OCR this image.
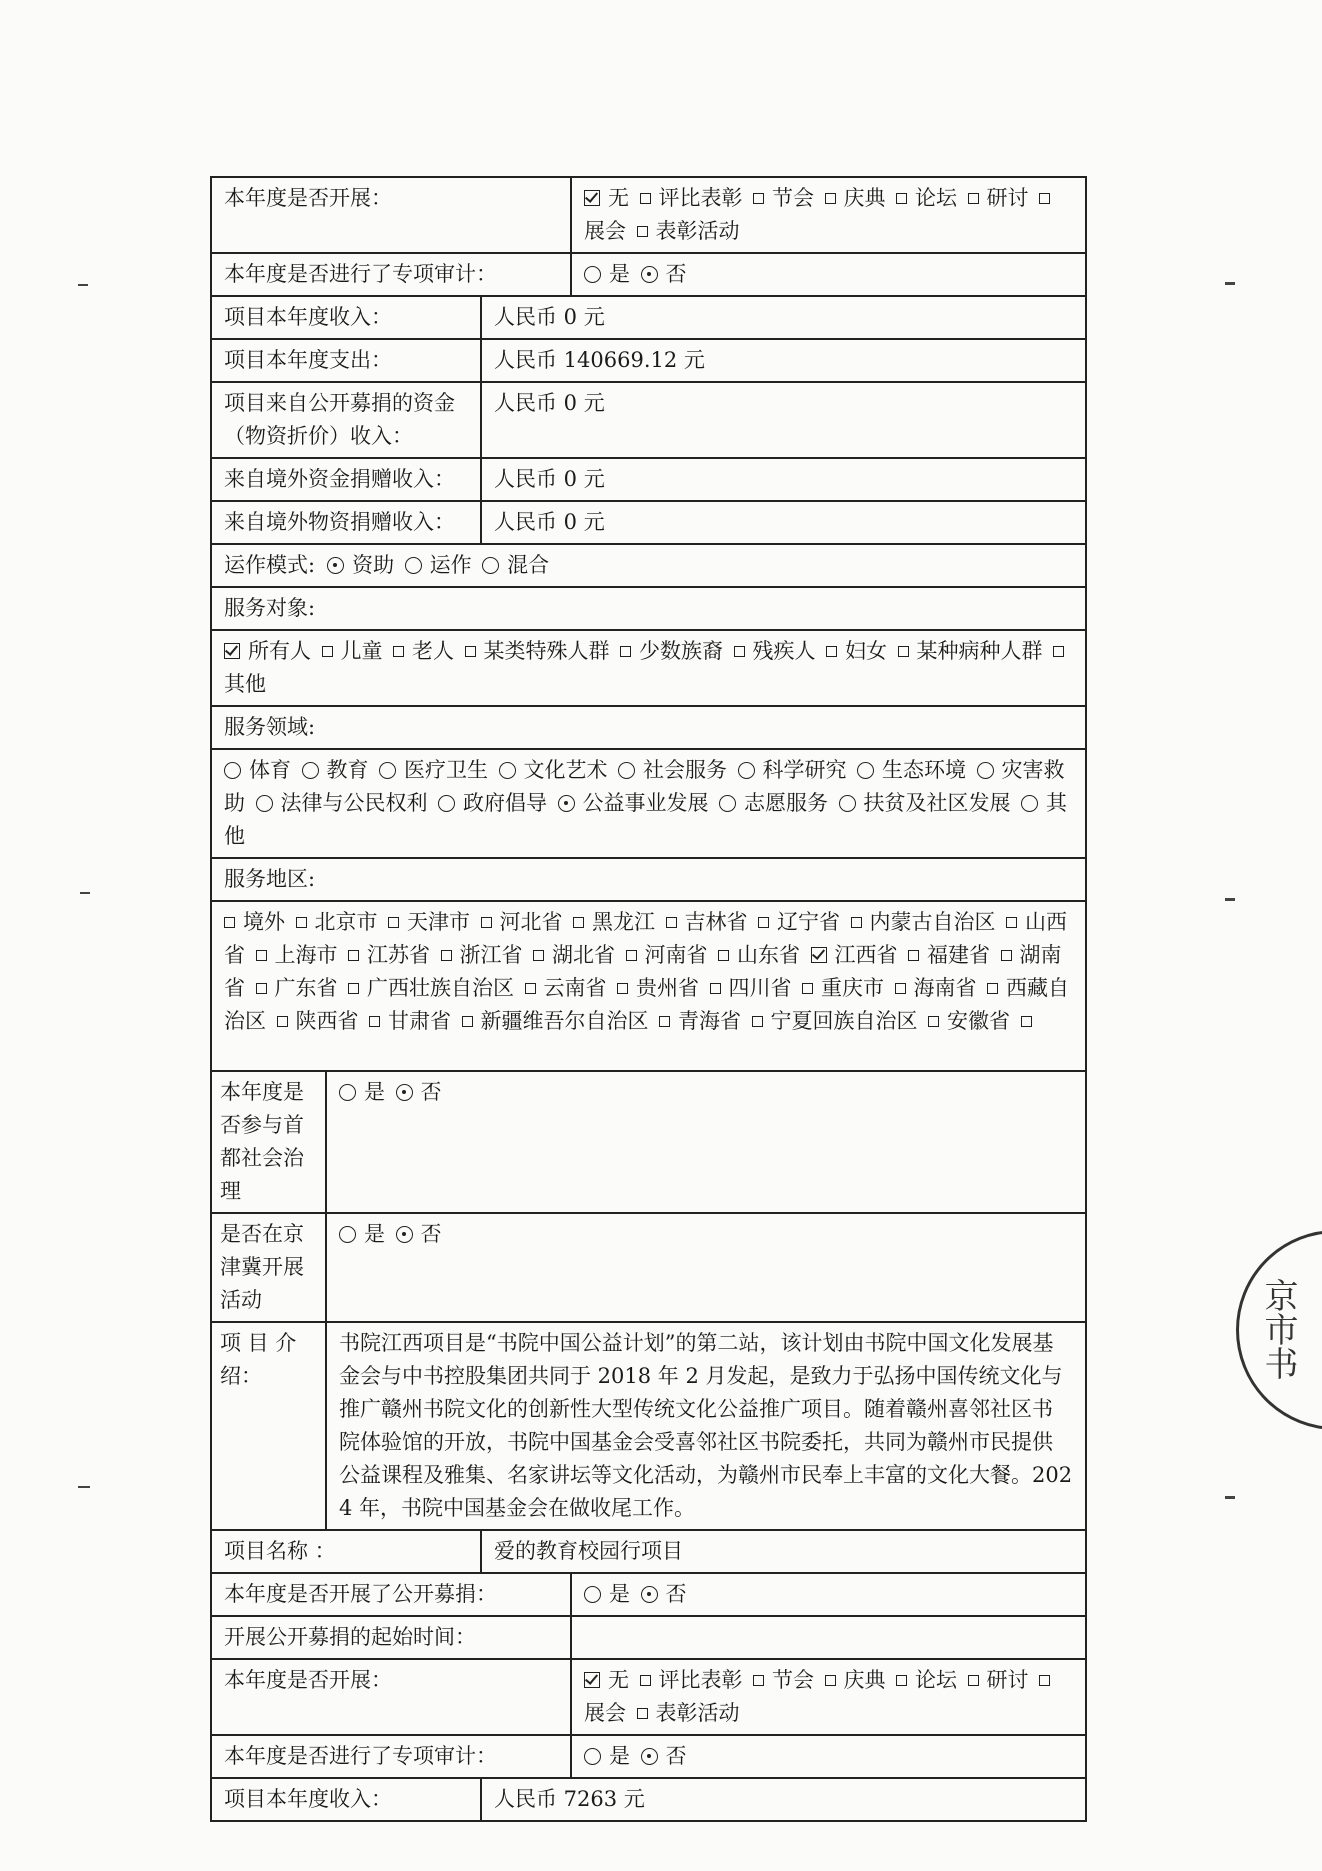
本年度是否开展：			无  评比表彰  节会  庆典  论坛  研讨 展会  表彰活动
本年度是否进行了专项审计：			是  否
项目本年度收入：		人民币 0 元	
项目本年度支出：		人民币 140669.12 元	
项目来自公开募捐的资金（物资折价）收入：		人民币 0 元	
来自境外资金捐赠收入：		人民币 0 元	
来自境外物资捐赠收入：		人民币 0 元	
运作模式: 资助  运作  混合			
服务对象:			
所有人  儿童  老人  某类特殊人群  少数族裔  残疾人  妇女  某种病种人群 其他			
服务领域:			
体育  教育  医疗卫生  文化艺术  社会服务  科学研究  生态环境  灾害救助  法律与公民权利  政府倡导  公益事业发展  志愿服务  扶贫及社区发展  其他			
服务地区:			
境外  北京市  天津市  河北省  黑龙江  吉林省  辽宁省  内蒙古自治区  山西省  上海市  江苏省  浙江省  湖北省  河南省  山东省  江西省  福建省  湖南省  广东省  广西壮族自治区  云南省  贵州省  四川省  重庆市  海南省  西藏自治区  陕西省  甘肃省  新疆维吾尔自治区  青海省  宁夏回族自治区  安徽省			 
本年度是否参与首都社会治理	是  否		
是否在京津冀开展活动	是  否		
项 目 介 绍：	书院江西项目是“书院中国公益计划”的第二站，该计划由书院中国文化发展基金会与中书控股集团共同于 2018 年 2 月发起，是致力于弘扬中国传统文化与推广赣州书院文化的创新性大型传统文化公益推广项目。随着赣州喜邻社区书院体验馆的开放，书院中国基金会受喜邻社区书院委托，共同为赣州市民提供公益课程及雅集、名家讲坛等文化活动，为赣州市民奉上丰富的文化大餐。2024 年，书院中国基金会在做收尾工作。		
项目名称 ：		爱的教育校园行项目	
本年度是否开展了公开募捐：			是  否
开展公开募捐的起始时间：			
本年度是否开展：			无  评比表彰  节会  庆典  论坛  研讨 展会  表彰活动
本年度是否进行了专项审计：			是  否
项目本年度收入：		人民币 7263 元	
京市书
